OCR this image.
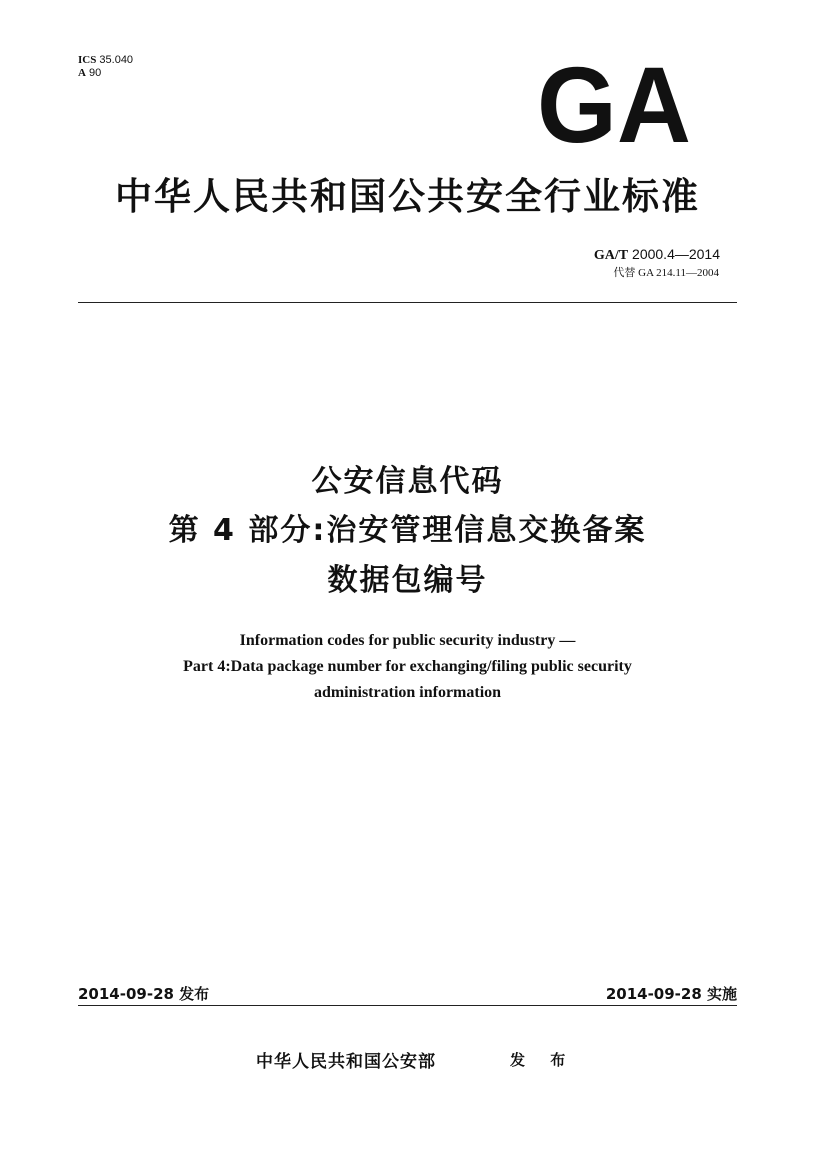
ICS 35.040
A 90	GA
中华人民共和国公共安全行业标准
GA/T 2000.4—2014
代替 GA 214.11—2004
公安信息代码
第 4 部分:治安管理信息交换备案
数据包编号
Information codes for public security industry —
Part 4:Data package number for exchanging/filing public security
administration information
2014-09-28 发布	2014-09-28 实施
中华人民共和国公安部	发 布
